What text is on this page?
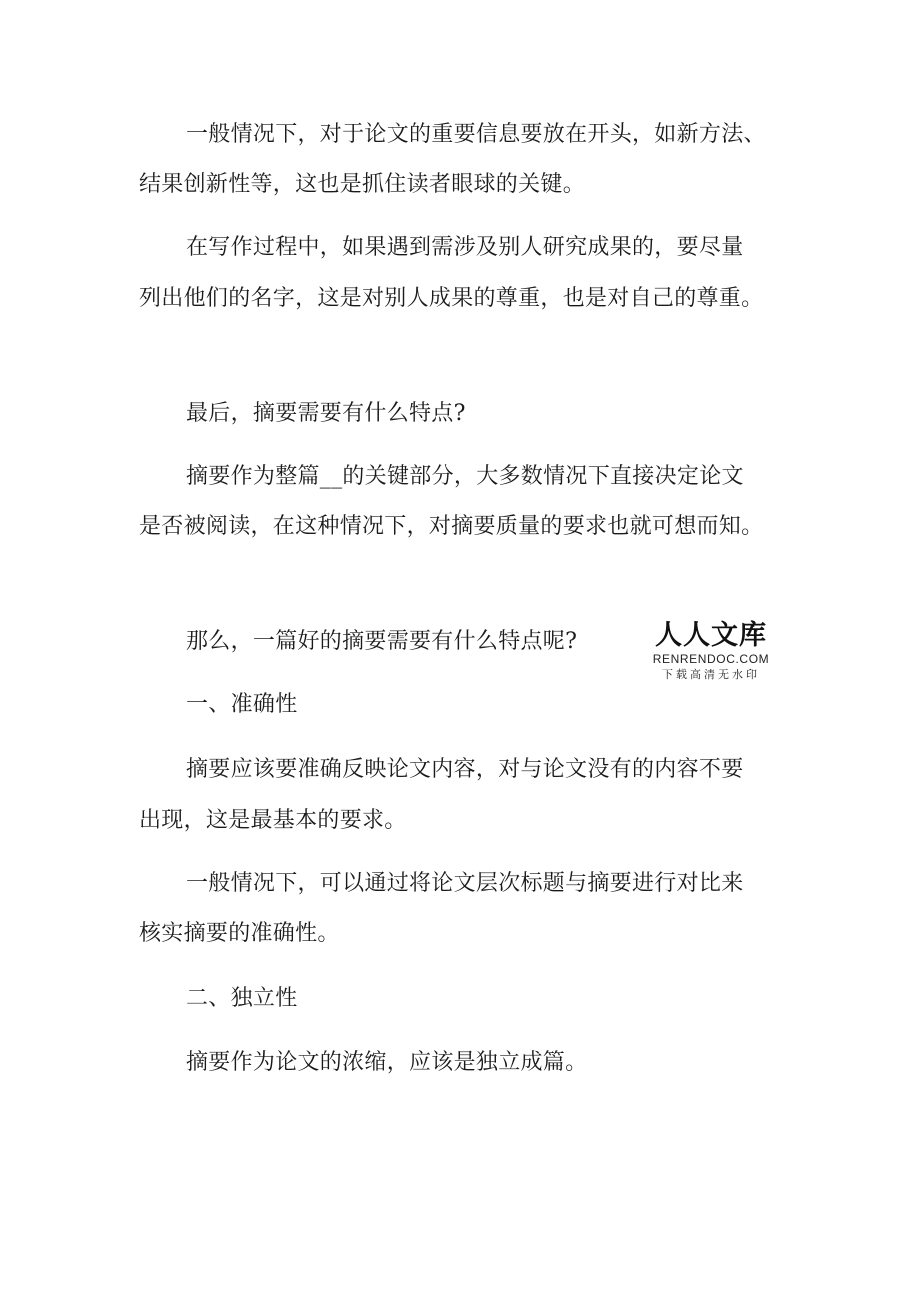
一般情况下，对于论文的重要信息要放在开头，如新方法、
结果创新性等，这也是抓住读者眼球的关键。
在写作过程中，如果遇到需涉及别人研究成果的，要尽量
列出他们的名字，这是对别人成果的尊重，也是对自己的尊重。
最后，摘要需要有什么特点?
摘要作为整篇__的关键部分，大多数情况下直接决定论文
是否被阅读，在这种情况下，对摘要质量的要求也就可想而知。
那么，一篇好的摘要需要有什么特点呢?
一、准确性
摘要应该要准确反映论文内容，对与论文没有的内容不要
出现，这是最基本的要求。
一般情况下，可以通过将论文层次标题与摘要进行对比来
核实摘要的准确性。
二、独立性
摘要作为论文的浓缩，应该是独立成篇。
人人文库
RENRENDOC.COM
下载高清无水印
